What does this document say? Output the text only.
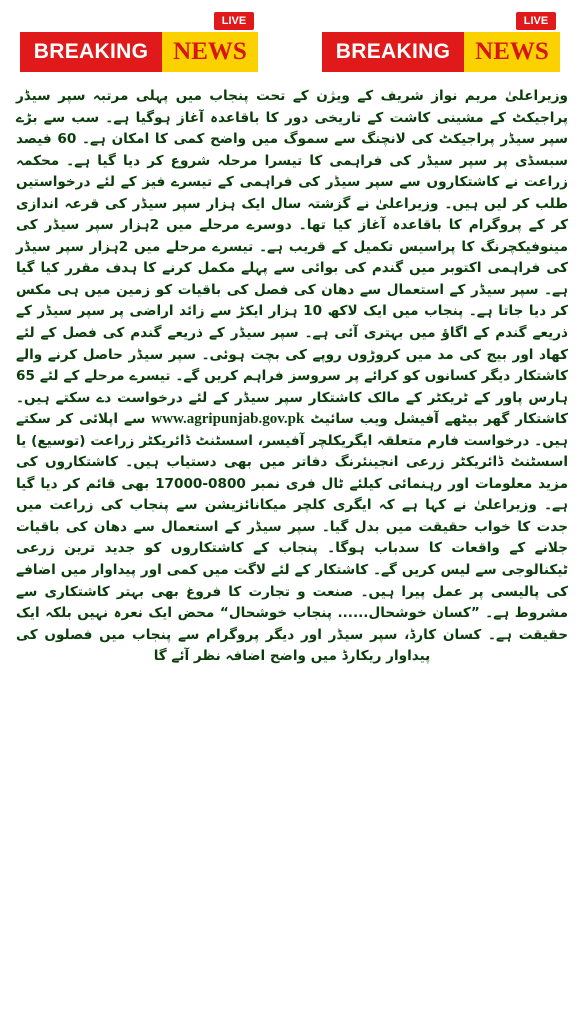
LIVE
BREAKING NEWS
LIVE
BREAKING NEWS

وزیراعلیٰ مریم نواز شریف کے ویژن کے تحت پنجاب میں پہلی مرتبہ سپر سیڈر پراجیکٹ کے مشینی کاشت کے تاریخی دور کا باقاعدہ آغاز ہوگیا ہے۔ سب سے بڑے سپر سیڈر پراجیکٹ کی لانچنگ سے سموگ میں واضح کمی کا امکان ہے۔ 60 فیصد سبسڈی پر سپر سیڈر کی فراہمی کا تیسرا مرحلہ شروع کر دیا گیا ہے۔ محکمہ زراعت نے کاشتکاروں سے سپر سیڈر کی فراہمی کے تیسرے فیز کے لئے درخواستیں طلب کر لیں ہیں۔ وزیراعلیٰ نے گزشتہ سال ایک ہزار سپر سیڈر کی قرعہ اندازی کر کے پروگرام کا باقاعدہ آغاز کیا تھا۔ دوسرے مرحلے میں 2ہزار سپر سیڈر کی مینوفیکچرنگ کا پراسیس تکمیل کے قریب ہے۔ تیسرے مرحلے میں 2ہزار سپر سیڈر کی فراہمی اکتوبر میں گندم کی بوائی سے پہلے مکمل کرنے کا ہدف مقرر کیا گیا ہے۔ سپر سیڈر کے استعمال سے دھان کی فصل کی باقیات کو زمین میں ہی مکس کر دیا جاتا ہے۔ پنجاب میں ایک لاکھ 10 ہزار ایکڑ سے زائد اراضی پر سپر سیڈر کے ذریعے گندم کے اگاؤ میں بہتری آئی ہے۔ سپر سیڈر کے ذریعے گندم کی فصل کے لئے کھاد اور بیج کی مد میں کروڑوں روپے کی بچت ہوئی۔ سپر سیڈر حاصل کرنے والے کاشتکار دیگر کسانوں کو کرائے پر سروسز فراہم کریں گے۔ تیسرے مرحلے کے لئے 65 ہارس پاور کے ٹریکٹر کے مالک کاشتکار سپر سیڈر کے لئے درخواست دے سکتے ہیں۔ کاشتکار گھر بیٹھے آفیشل ویب سائیٹ www.agripunjab.gov.pk سے اپلائی کر سکتے ہیں۔ درخواست فارم متعلقہ ایگریکلچر آفیسر، اسسٹنٹ ڈائریکٹر زراعت (توسیع) یا اسسٹنٹ ڈائریکٹر زرعی انجینئرنگ دفاتر میں بھی دستیاب ہیں۔ کاشتکاروں کی مزید معلومات اور رہنمائی کیلئے ٹال فری نمبر 0800-17000 بھی قائم کر دیا گیا ہے۔ وزیراعلیٰ نے کہا ہے کہ ایگری کلچر میکانائزیشن سے پنجاب کی زراعت میں جدت کا خواب حقیقت میں بدل گیا۔ سپر سیڈر کے استعمال سے دھان کی باقیات جلانے کے واقعات کا سدباب ہوگا۔ پنجاب کے کاشتکاروں کو جدید ترین زرعی ٹیکنالوجی سے لیس کریں گے۔ کاشتکار کے لئے لاگت میں کمی اور پیداوار میں اضافے کی پالیسی پر عمل پیرا ہیں۔ صنعت و تجارت کا فروغ بھی بہتر کاشتکاری سے مشروط ہے۔ ”کسان خوشحال...... پنجاب خوشحال“ محض ایک نعرہ نہیں بلکہ ایک حقیقت ہے۔ کسان کارڈ، سپر سیڈر اور دیگر پروگرام سے پنجاب میں فصلوں کی پیداوار ریکارڈ میں واضح اضافہ نظر آئے گا
